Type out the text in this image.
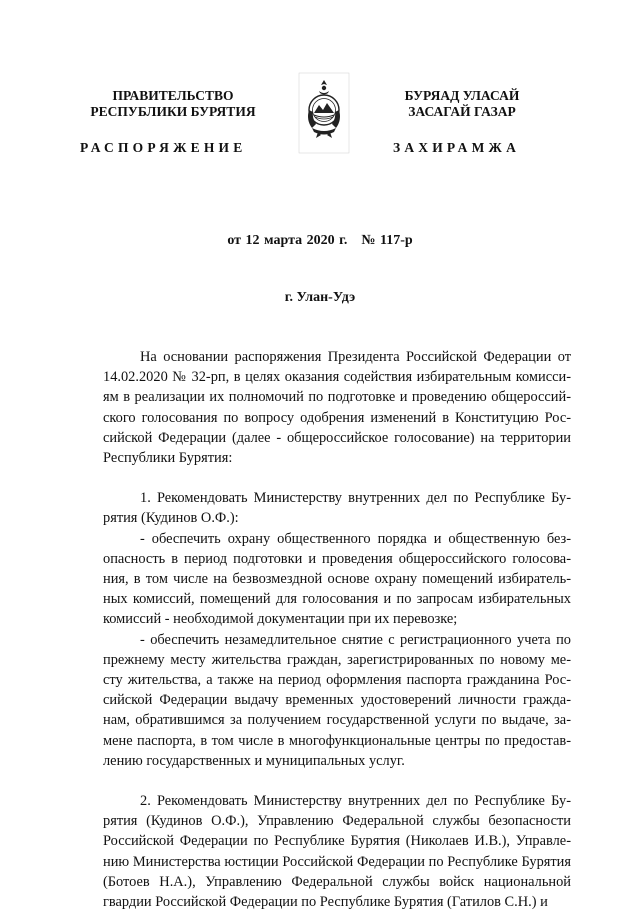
ПРАВИТЕЛЬСТВО
РЕСПУБЛИКИ БУРЯТИЯ
БУРЯАД УЛАСАЙ
ЗАСАГАЙ ГАЗАР
РАСПОРЯЖЕНИЕ	ЗАХИРАМЖА
от 12 марта 2020 г. № 117-р
г. Улан-Удэ

На основании распоряжения Президента Российской Федерации от 14.02.2020 № 32-рп, в целях оказания содействия избирательным комиссиям в реализации их полномочий по подготовке и проведению общероссийского голосования по вопросу одобрения изменений в Конституцию Российской Федерации (далее - общероссийское голосование) на территории Республики Бурятия:

1. Рекомендовать Министерству внутренних дел по Республике Бурятия (Кудинов О.Ф.):

- обеспечить охрану общественного порядка и общественную безопасность в период подготовки и проведения общероссийского голосования, в том числе на безвозмездной основе охрану помещений избирательных комиссий, помещений для голосования и по запросам избирательных комиссий - необходимой документации при их перевозке;

- обеспечить незамедлительное снятие с регистрационного учета по прежнему месту жительства граждан, зарегистрированных по новому месту жительства, а также на период оформления паспорта гражданина Российской Федерации выдачу временных удостоверений личности гражданам, обратившимся за получением государственной услуги по выдаче, замене паспорта, в том числе в многофункциональные центры по предоставлению государственных и муниципальных услуг.

2. Рекомендовать Министерству внутренних дел по Республике Бурятия (Кудинов О.Ф.), Управлению Федеральной службы безопасности Российской Федерации по Республике Бурятия (Николаев И.В.), Управлению Министерства юстиции Российской Федерации по Республике Бурятия (Ботоев Н.А.), Управлению Федеральной службы войск национальной гвардии Российской Федерации по Республике Бурятия (Гатилов С.Н.) и
